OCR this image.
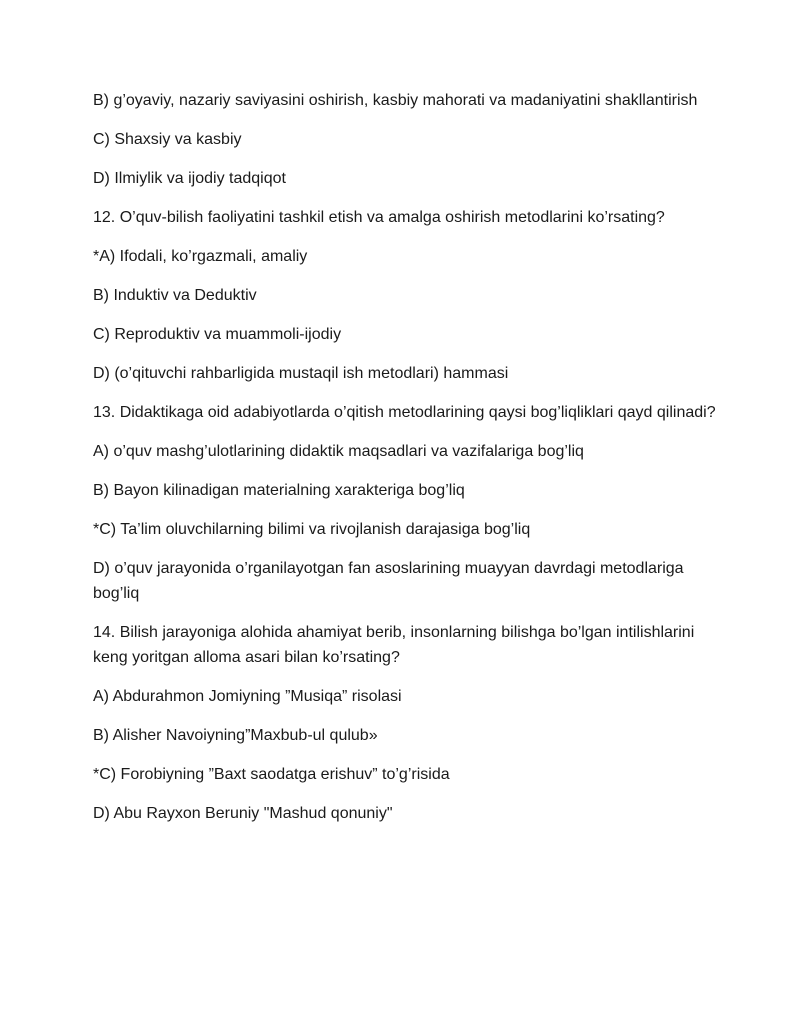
B) g’oyaviy, nazariy saviyasini oshirish, kasbiy mahorati va madaniyatini shakllantirish

C) Shaxsiy va kasbiy

D) Ilmiylik va ijodiy tadqiqot

12. O’quv-bilish faoliyatini tashkil etish va amalga oshirish metodlarini ko’rsating?

*A) Ifodali, ko’rgazmali, amaliy

B) Induktiv va Deduktiv

C) Reproduktiv va muammoli-ijodiy

D) (o’qituvchi rahbarligida mustaqil ish metodlari) hammasi

13. Didaktikaga oid adabiyotlarda o’qitish metodlarining qaysi bog’liqliklari qayd qilinadi?

A) o’quv mashg’ulotlarining didaktik maqsadlari va vazifalariga bog’liq

B) Bayon kilinadigan materialning xarakteriga bog’liq

*C) Ta’lim oluvchilarning bilimi va rivojlanish darajasiga bog’liq

D) o’quv jarayonida o’rganilayotgan fan asoslarining muayyan davrdagi metodlariga bog’liq

14. Bilish jarayoniga alohida ahamiyat berib, insonlarning bilishga bo’lgan intilishlarini keng yoritgan alloma asari bilan ko’rsating?

A) Abdurahmon Jomiyning ”Musiqa” risolasi

B) Alisher Navoiyning”Maxbub-ul qulub»

*C) Forobiyning ”Baxt saodatga erishuv” to’g’risida

D) Abu Rayxon Beruniy "Mashud qonuniy"
